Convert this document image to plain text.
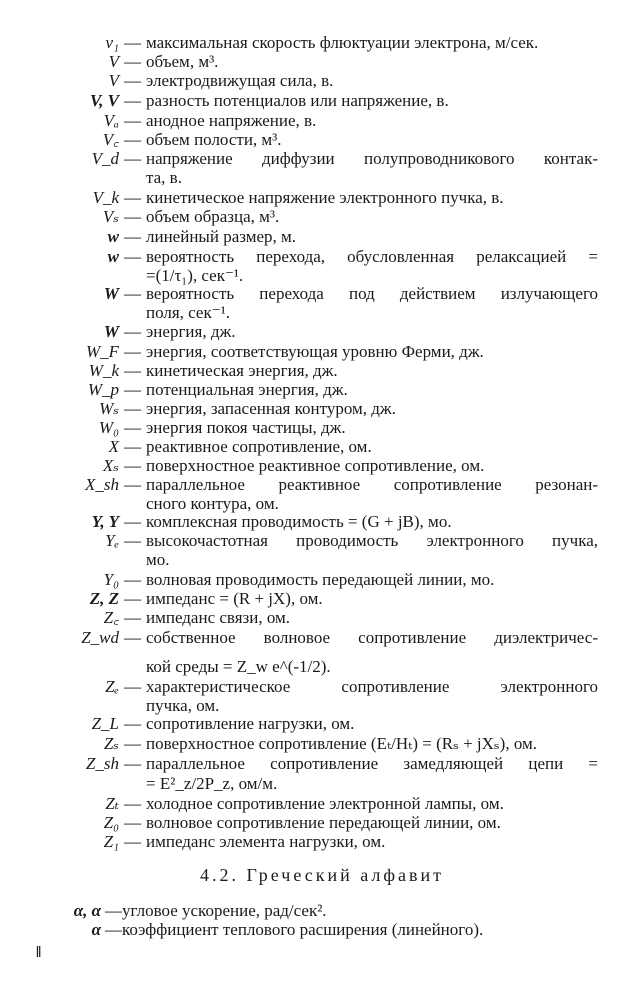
v₁ — максимальная скорость флюктуации электрона, м/сек.
V — объем, м³.
V — электродвижущая сила, в.
V, V — разность потенциалов или напряжение, в.
Vₐ — анодное напряжение, в.
V꜀ — объем полости, м³.
V_d — напряжение диффузии полупроводникового контак-
та, в.
V_k — кинетическое напряжение электронного пучка, в.
Vₛ — объем образца, м³.
w — линейный размер, м.
w — вероятность перехода, обусловленная релаксацией =
=(1/τ₁), сек⁻¹.
W — вероятность перехода под действием излучающего
поля, сек⁻¹.
W — энергия, дж.
W_F — энергия, соответствующая уровню Ферми, дж.
W_k — кинетическая энергия, дж.
W_p — потенциальная энергия, дж.
Wₛ — энергия, запасенная контуром, дж.
W₀ — энергия покоя частицы, дж.
X — реактивное сопротивление, ом.
Xₛ — поверхностное реактивное сопротивление, ом.
X_sh — параллельное реактивное сопротивление резонан-
сного контура, ом.
Y, Y — комплексная проводимость = (G + jB), мо.
Yₑ — высокочастотная проводимость электронного пучка,
мо.
Y₀ — волновая проводимость передающей линии, мо.
Z, Z — импеданс = (R + jX), ом.
Z꜀ — импеданс связи, ом.
Z_wd — собственное волновое сопротивление диэлектричес-
кой среды = Z_w e^(-1/2).
Zₑ — характеристическое сопротивление электронного
пучка, ом.
Z_L — сопротивление нагрузки, ом.
Zₛ — поверхностное сопротивление (Eₜ/Hₜ) = (Rₛ + jXₛ), ом.
Z_sh — параллельное сопротивление замедляющей цепи =
= E²_z/2P_z, ом/м.
Zₜ — холодное сопротивление электронной лампы, ом.
Z₀ — волновое сопротивление передающей линии, ом.
Z₁ — импеданс элемента нагрузки, ом.
4.2. Греческий алфавит
α, α — угловое ускорение, рад/сек².
α — коэффициент теплового расширения (линейного).
ǁ
